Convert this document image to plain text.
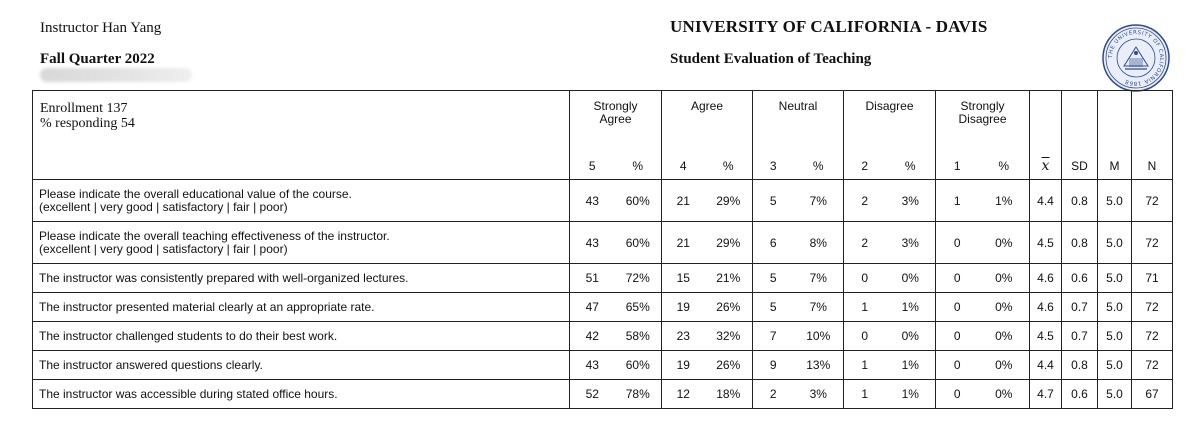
Instructor Han Yang
Fall Quarter 2022
UNIVERSITY OF CALIFORNIA - DAVIS
Student Evaluation of Teaching	THE UNIVERSITY OF CALIFORNIA 1868
Enrollment 137
% responding 54	Strongly Agree		Agree		Neutral		Disagree		Strongly Disagree					
	5	%	4	%	3	%	2	%	1	%	$\overline{x}$	SD	M	N

Please indicate the overall educational value of the course.
(excellent | very good | satisfactory | fair | poor)	43	60%	21	29%	5	7%	2	3%	1	1%	4.4	0.8	5.0	72

Please indicate the overall teaching effectiveness of the instructor.
(excellent | very good | satisfactory | fair | poor)	43	60%	21	29%	6	8%	2	3%	0	0%	4.5	0.8	5.0	72

The instructor was consistently prepared with well-organized lectures.	51	72%	15	21%	5	7%	0	0%	0	0%	4.6	0.6	5.0	71

The instructor presented material clearly at an appropriate rate.	47	65%	19	26%	5	7%	1	1%	0	0%	4.6	0.7	5.0	72

The instructor challenged students to do their best work.	42	58%	23	32%	7	10%	0	0%	0	0%	4.5	0.7	5.0	72

The instructor answered questions clearly.	43	60%	19	26%	9	13%	1	1%	0	0%	4.4	0.8	5.0	72

The instructor was accessible during stated office hours.	52	78%	12	18%	2	3%	1	1%	0	0%	4.7	0.6	5.0	67
